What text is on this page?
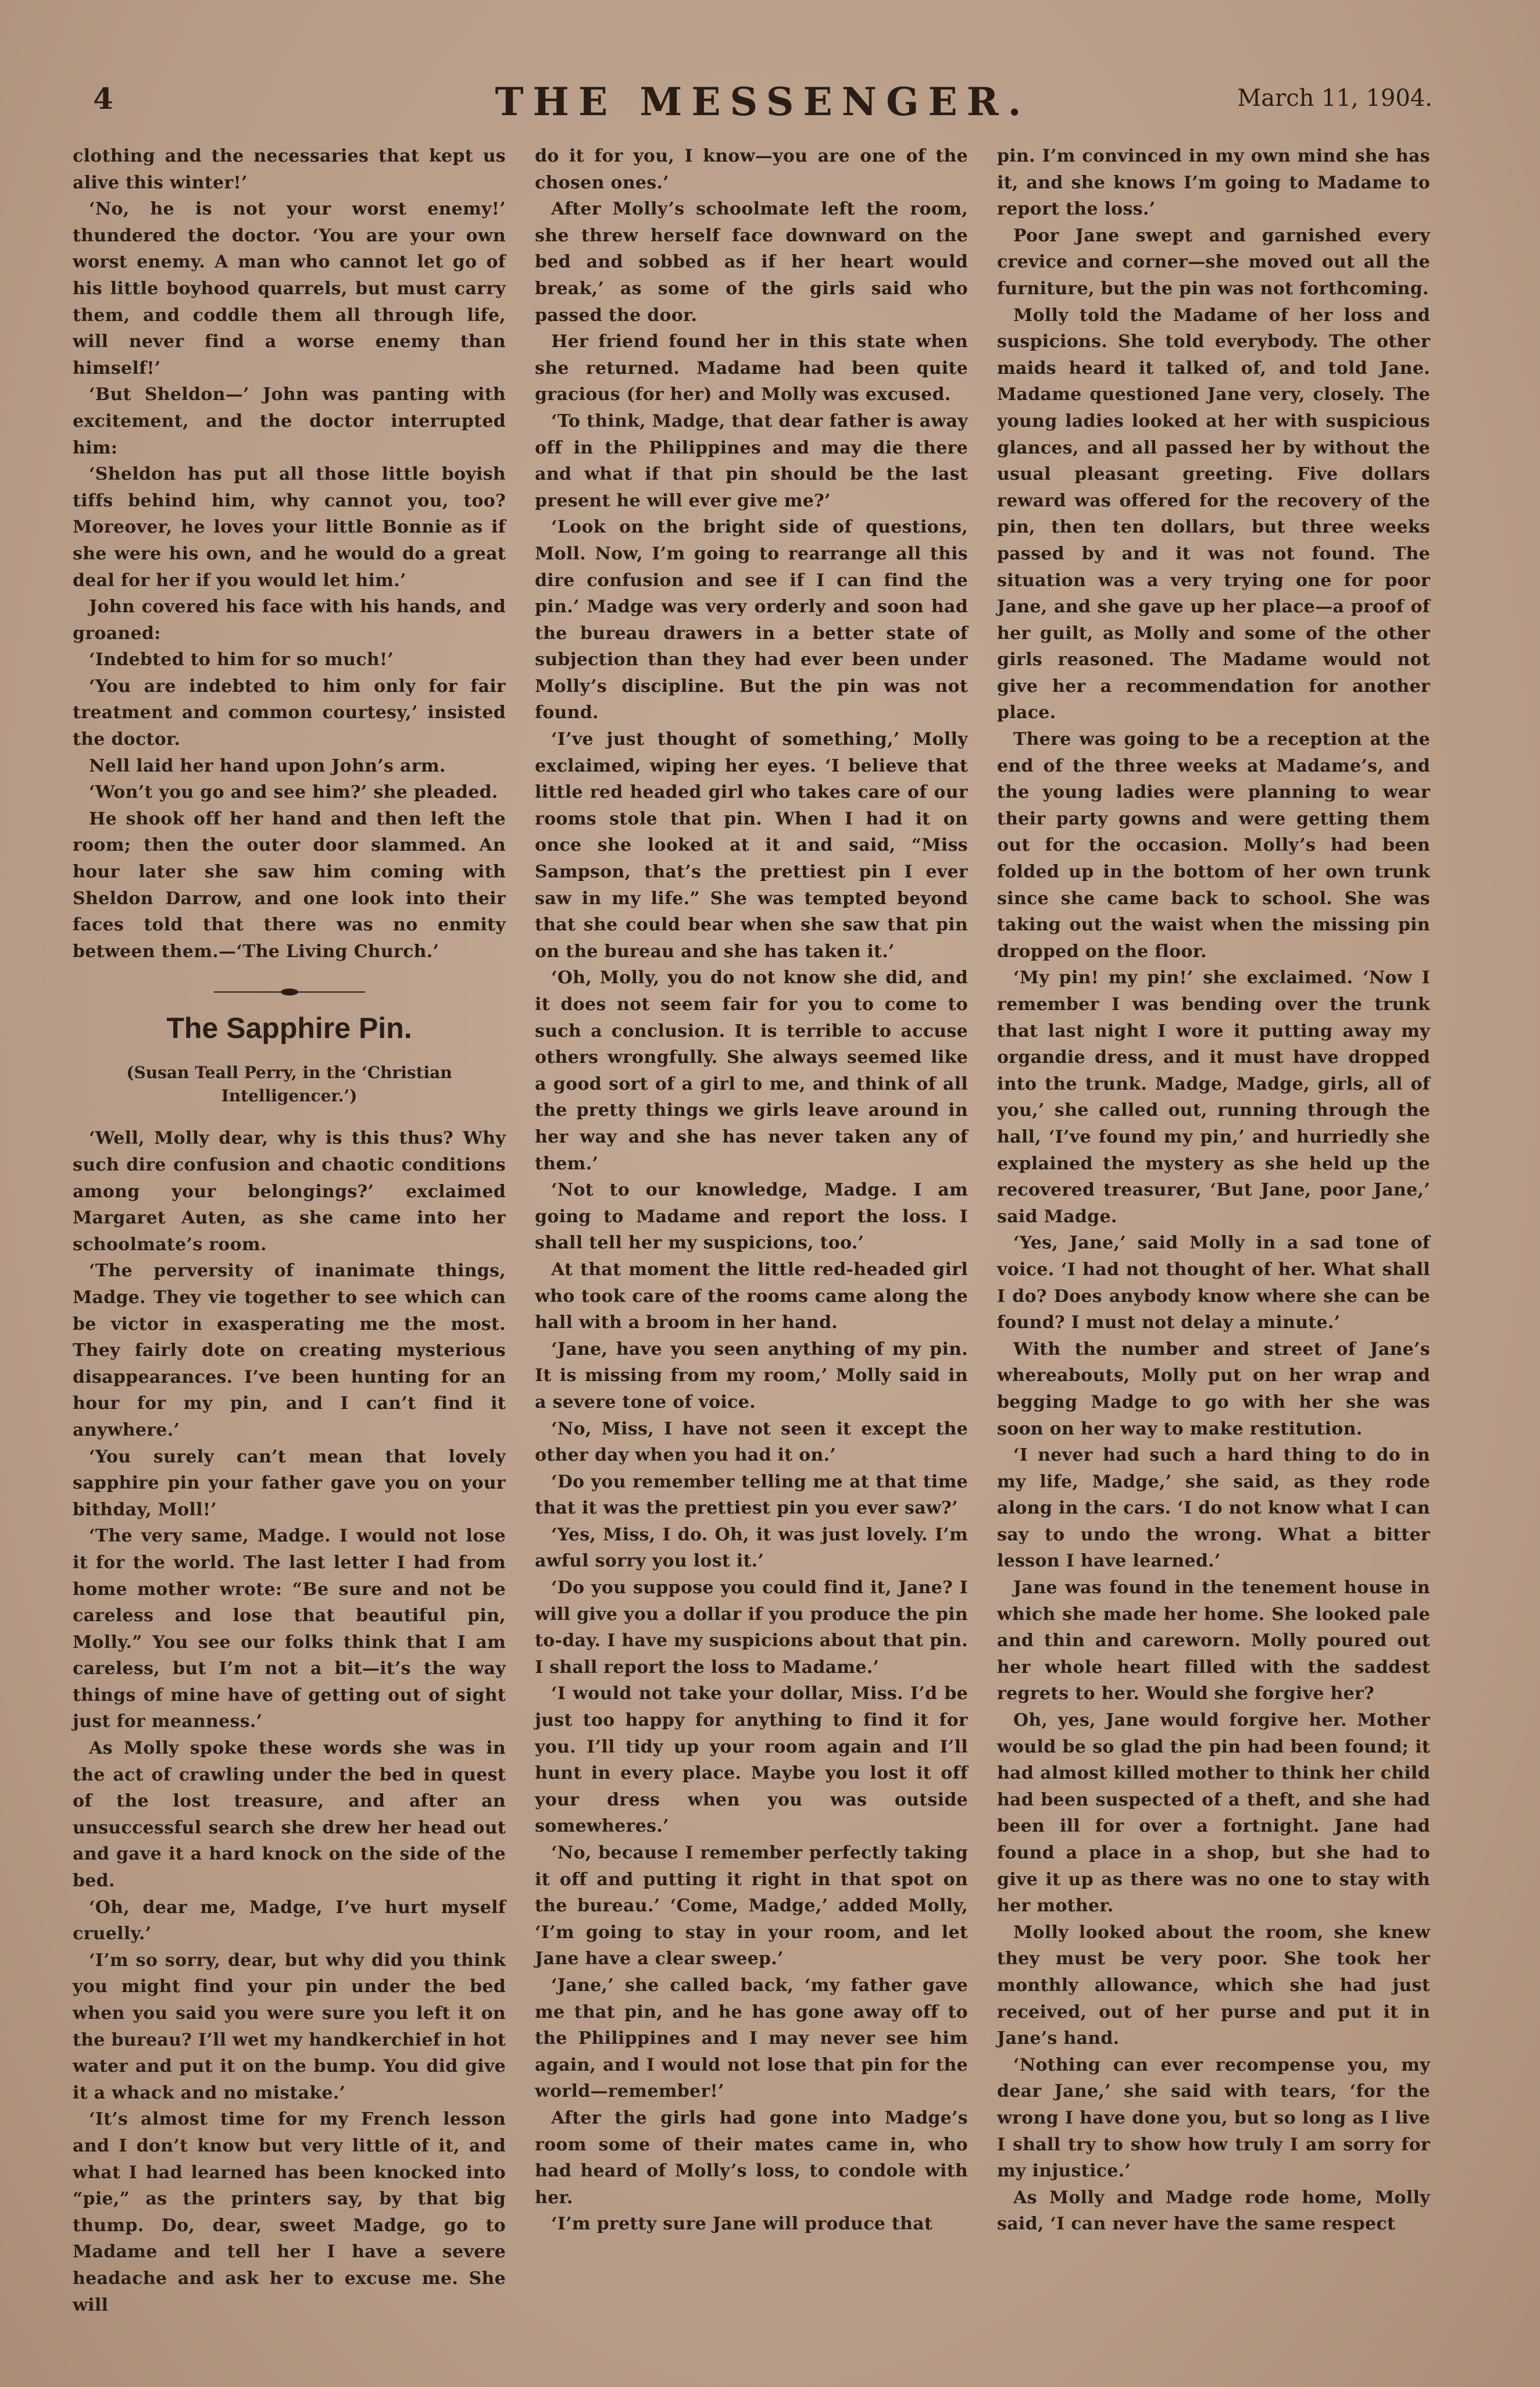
4	THE MESSENGER.	March 11, 1904.

clothing and the necessaries that kept us alive this winter!’

‘No, he is not your worst enemy!’ thundered the doctor. ‘You are your own worst enemy. A man who cannot let go of his little boyhood quarrels, but must carry them, and coddle them all through life, will never find a worse enemy than himself!’

‘But Sheldon—’ John was panting with excitement, and the doctor interrupted him:

‘Sheldon has put all those little boyish tiffs behind him, why cannot you, too? Moreover, he loves your little Bonnie as if she were his own, and he would do a great deal for her if you would let him.’

John covered his face with his hands, and groaned:

‘Indebted to him for so much!’

‘You are indebted to him only for fair treatment and common courtesy,’ insisted the doctor.

Nell laid her hand upon John’s arm.

‘Won’t you go and see him?’ she pleaded.

He shook off her hand and then left the room; then the outer door slammed. An hour later she saw him coming with Sheldon Darrow, and one look into their faces told that there was no enmity between them.—‘The Living Church.’

The Sapphire Pin.
(Susan Teall Perry, in the ‘Christian Intelligencer.’)

‘Well, Molly dear, why is this thus? Why such dire confusion and chaotic conditions among your belongings?’ exclaimed Margaret Auten, as she came into her schoolmate’s room.

‘The perversity of inanimate things, Madge. They vie together to see which can be victor in exasperating me the most. They fairly dote on creating mysterious disappearances. I’ve been hunting for an hour for my pin, and I can’t find it anywhere.’

‘You surely can’t mean that lovely sapphire pin your father gave you on your bithday, Moll!’

‘The very same, Madge. I would not lose it for the world. The last letter I had from home mother wrote: “Be sure and not be careless and lose that beautiful pin, Molly.” You see our folks think that I am careless, but I’m not a bit—it’s the way things of mine have of getting out of sight just for meanness.’

As Molly spoke these words she was in the act of crawling under the bed in quest of the lost treasure, and after an unsuccessful search she drew her head out and gave it a hard knock on the side of the bed.

‘Oh, dear me, Madge, I’ve hurt myself cruelly.’

‘I’m so sorry, dear, but why did you think you might find your pin under the bed when you said you were sure you left it on the bureau? I’ll wet my handkerchief in hot water and put it on the bump. You did give it a whack and no mistake.’

‘It’s almost time for my French lesson and I don’t know but very little of it, and what I had learned has been knocked into “pie,” as the printers say, by that big thump. Do, dear, sweet Madge, go to Madame and tell her I have a severe headache and ask her to excuse me. She will

do it for you, I know—you are one of the chosen ones.’

After Molly’s schoolmate left the room, she threw herself face downward on the bed and sobbed as if her heart would break,’ as some of the girls said who passed the door.

Her friend found her in this state when she returned. Madame had been quite gracious (for her) and Molly was excused.

‘To think, Madge, that dear father is away off in the Philippines and may die there and what if that pin should be the last present he will ever give me?’

‘Look on the bright side of questions, Moll. Now, I’m going to rearrange all this dire confusion and see if I can find the pin.’ Madge was very orderly and soon had the bureau drawers in a better state of subjection than they had ever been under Molly’s discipline. But the pin was not found.

‘I’ve just thought of something,’ Molly exclaimed, wiping her eyes. ‘I believe that little red headed girl who takes care of our rooms stole that pin. When I had it on once she looked at it and said, “Miss Sampson, that’s the prettiest pin I ever saw in my life.” She was tempted beyond that she could bear when she saw that pin on the bureau and she has taken it.’

‘Oh, Molly, you do not know she did, and it does not seem fair for you to come to such a conclusion. It is terrible to accuse others wrongfully. She always seemed like a good sort of a girl to me, and think of all the pretty things we girls leave around in her way and she has never taken any of them.’

‘Not to our knowledge, Madge. I am going to Madame and report the loss. I shall tell her my suspicions, too.’

At that moment the little red-headed girl who took care of the rooms came along the hall with a broom in her hand.

‘Jane, have you seen anything of my pin. It is missing from my room,’ Molly said in a severe tone of voice.

‘No, Miss, I have not seen it except the other day when you had it on.’

‘Do you remember telling me at that time that it was the prettiest pin you ever saw?’

‘Yes, Miss, I do. Oh, it was just lovely. I’m awful sorry you lost it.’

‘Do you suppose you could find it, Jane? I will give you a dollar if you produce the pin to-day. I have my suspicions about that pin. I shall report the loss to Madame.’

‘I would not take your dollar, Miss. I’d be just too happy for anything to find it for you. I’ll tidy up your room again and I’ll hunt in every place. Maybe you lost it off your dress when you was outside somewheres.’

‘No, because I remember perfectly taking it off and putting it right in that spot on the bureau.’ ‘Come, Madge,’ added Molly, ‘I’m going to stay in your room, and let Jane have a clear sweep.’

‘Jane,’ she called back, ‘my father gave me that pin, and he has gone away off to the Philippines and I may never see him again, and I would not lose that pin for the world—remember!’

After the girls had gone into Madge’s room some of their mates came in, who had heard of Molly’s loss, to condole with her.

‘I’m pretty sure Jane will produce that

pin. I’m convinced in my own mind she has it, and she knows I’m going to Madame to report the loss.’

Poor Jane swept and garnished every crevice and corner—she moved out all the furniture, but the pin was not forthcoming.

Molly told the Madame of her loss and suspicions. She told everybody. The other maids heard it talked of, and told Jane. Madame questioned Jane very, closely. The young ladies looked at her with suspicious glances, and all passed her by without the usual pleasant greeting. Five dollars reward was offered for the recovery of the pin, then ten dollars, but three weeks passed by and it was not found. The situation was a very trying one for poor Jane, and she gave up her place—a proof of her guilt, as Molly and some of the other girls reasoned. The Madame would not give her a recommendation for another place.

There was going to be a reception at the end of the three weeks at Madame’s, and the young ladies were planning to wear their party gowns and were getting them out for the occasion. Molly’s had been folded up in the bottom of her own trunk since she came back to school. She was taking out the waist when the missing pin dropped on the floor.

‘My pin! my pin!’ she exclaimed. ‘Now I remember I was bending over the trunk that last night I wore it putting away my organdie dress, and it must have dropped into the trunk. Madge, Madge, girls, all of you,’ she called out, running through the hall, ‘I’ve found my pin,’ and hurriedly she explained the mystery as she held up the recovered treasurer, ‘But Jane, poor Jane,’ said Madge.

‘Yes, Jane,’ said Molly in a sad tone of voice. ‘I had not thought of her. What shall I do? Does anybody know where she can be found? I must not delay a minute.’

With the number and street of Jane’s whereabouts, Molly put on her wrap and begging Madge to go with her she was soon on her way to make restitution.

‘I never had such a hard thing to do in my life, Madge,’ she said, as they rode along in the cars. ‘I do not know what I can say to undo the wrong. What a bitter lesson I have learned.’

Jane was found in the tenement house in which she made her home. She looked pale and thin and careworn. Molly poured out her whole heart filled with the saddest regrets to her. Would she forgive her?

Oh, yes, Jane would forgive her. Mother would be so glad the pin had been found; it had almost killed mother to think her child had been suspected of a theft, and she had been ill for over a fortnight. Jane had found a place in a shop, but she had to give it up as there was no one to stay with her mother.

Molly looked about the room, she knew they must be very poor. She took her monthly allowance, which she had just received, out of her purse and put it in Jane’s hand.

‘Nothing can ever recompense you, my dear Jane,’ she said with tears, ‘for the wrong I have done you, but so long as I live I shall try to show how truly I am sorry for my injustice.’

As Molly and Madge rode home, Molly said, ‘I can never have the same respect
